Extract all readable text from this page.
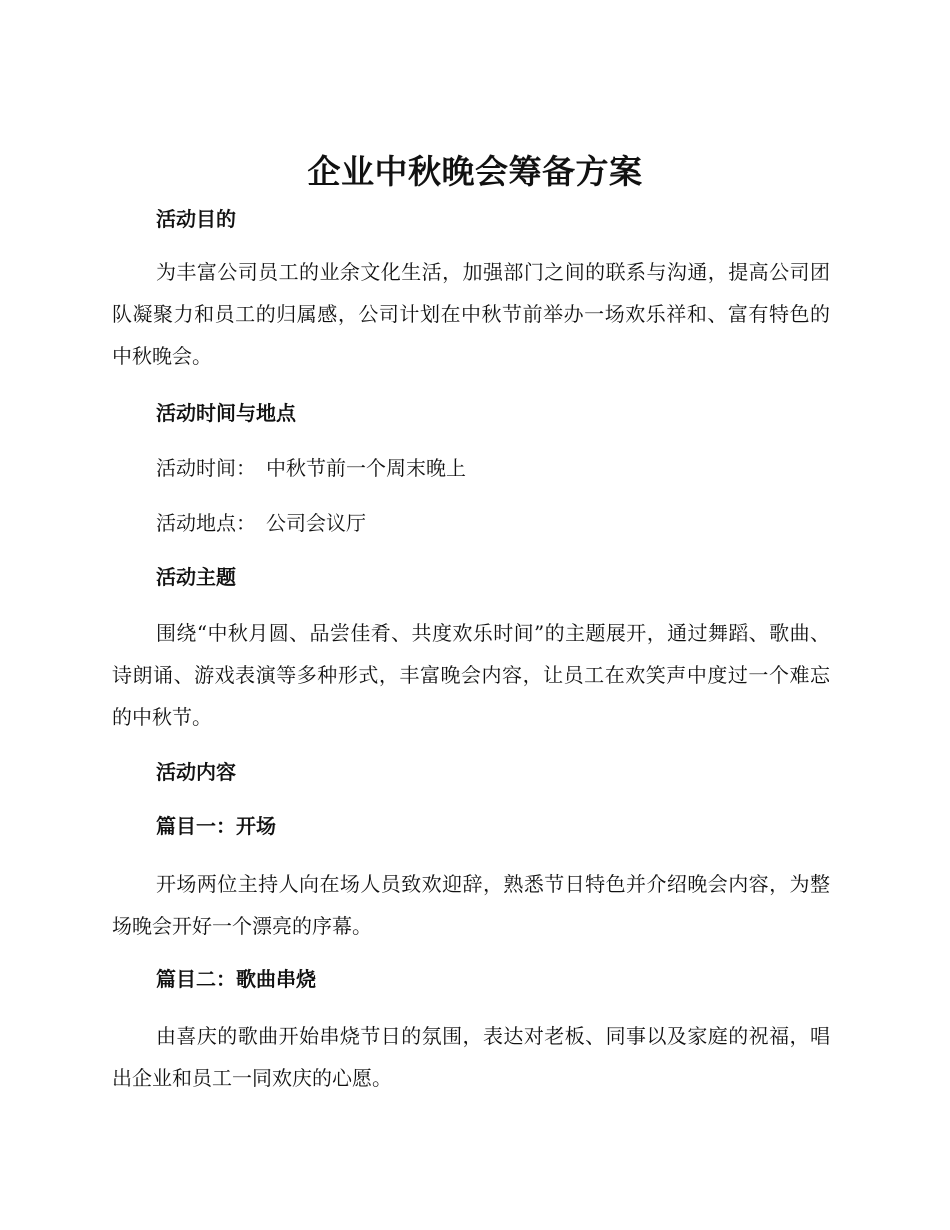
企业中秋晚会筹备方案
活动目的

为丰富公司员工的业余文化生活，加强部门之间的联系与沟通，提高公司团队凝聚力和员工的归属感，公司计划在中秋节前举办一场欢乐祥和、富有特色的中秋晚会。

活动时间与地点

活动时间： 中秋节前一个周末晚上

活动地点： 公司会议厅

活动主题

围绕“中秋月圆、品尝佳肴、共度欢乐时间”的主题展开，通过舞蹈、歌曲、诗朗诵、游戏表演等多种形式，丰富晚会内容，让员工在欢笑声中度过一个难忘的中秋节。

活动内容
篇目一：开场

开场两位主持人向在场人员致欢迎辞，熟悉节日特色并介绍晚会内容，为整场晚会开好一个漂亮的序幕。

篇目二：歌曲串烧

由喜庆的歌曲开始串烧节日的氛围，表达对老板、同事以及家庭的祝福，唱出企业和员工一同欢庆的心愿。
